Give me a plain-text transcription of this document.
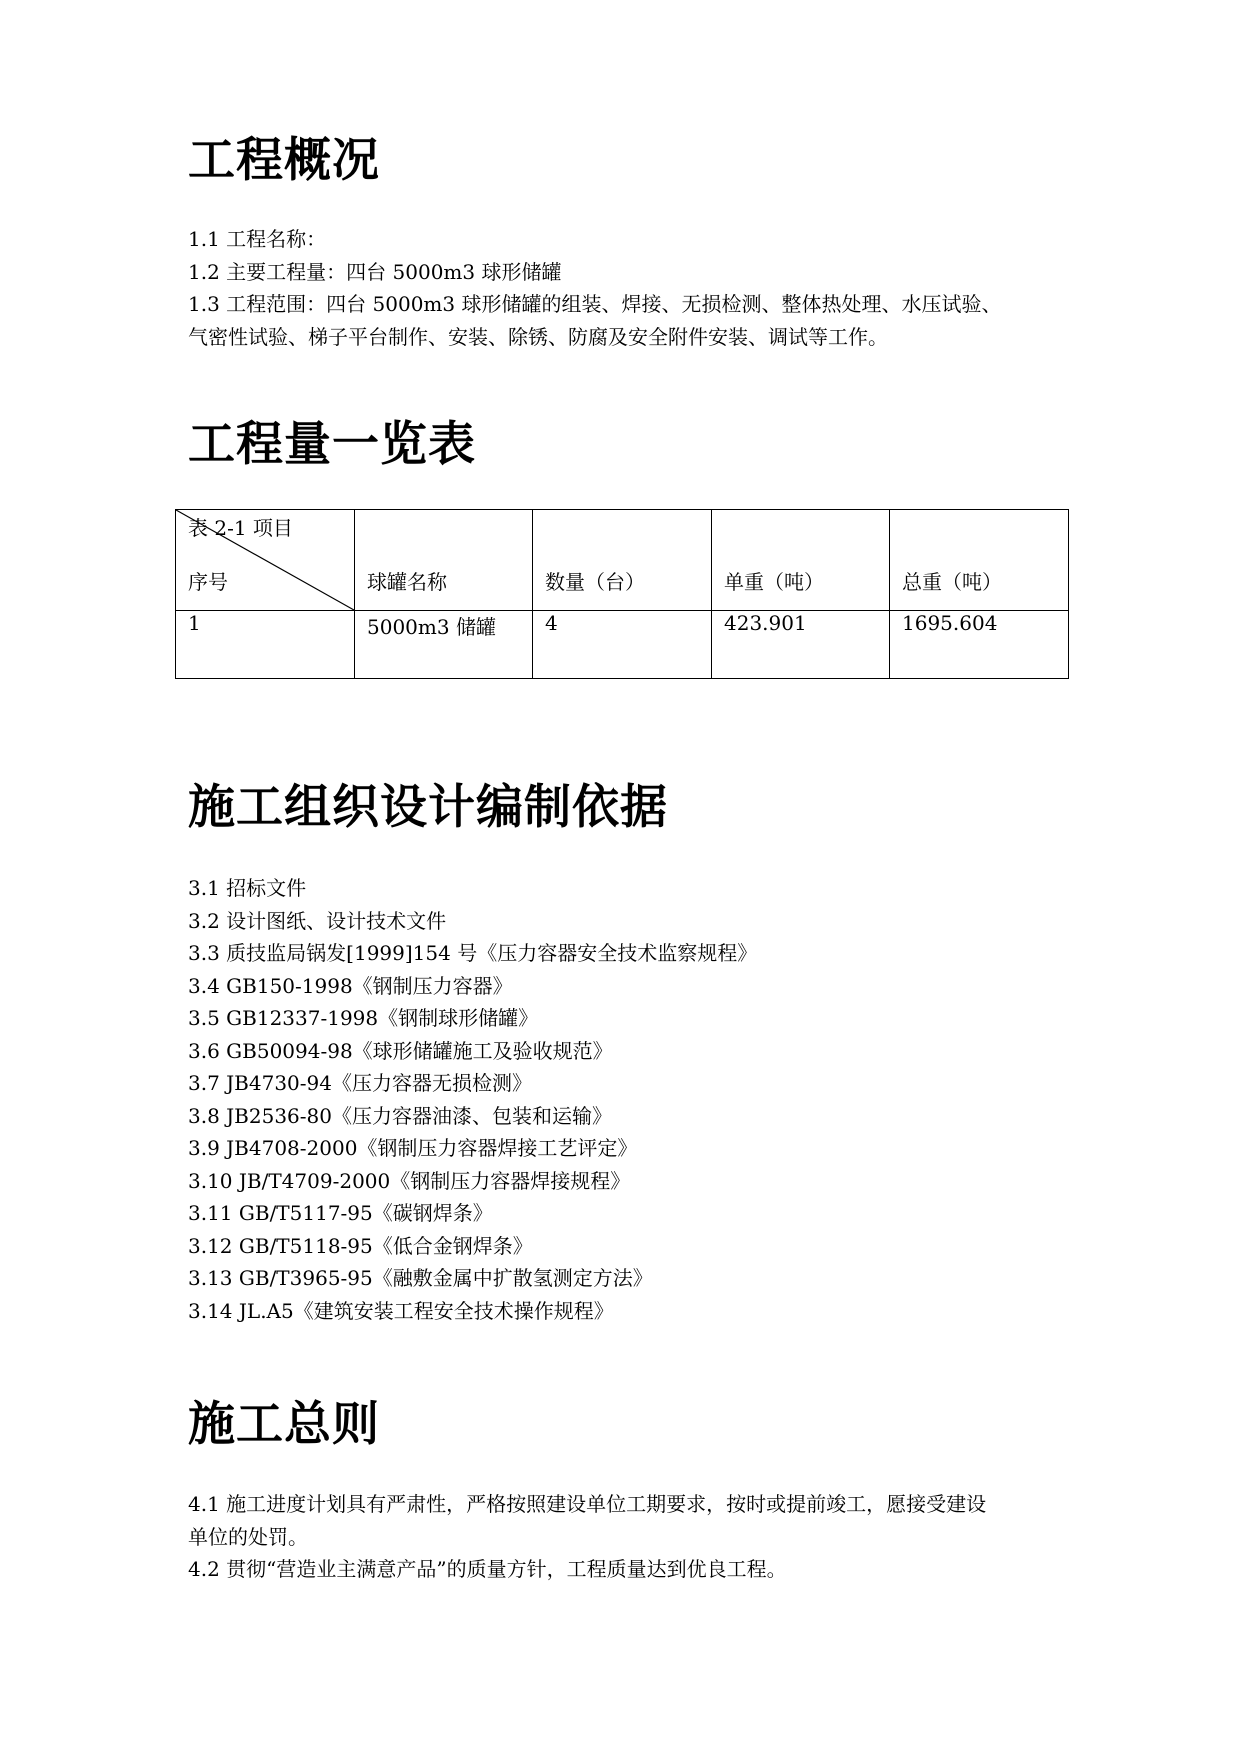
工程概况
1.1 工程名称：
1.2 主要工程量：四台 5000m3 球形储罐
1.3 工程范围：四台 5000m3 球形储罐的组装、焊接、无损检测、整体热处理、水压试验、
气密性试验、梯子平台制作、安装、除锈、防腐及安全附件安装、调试等工作。
工程量一览表
表 2-1 项目
序号	球罐名称	数量（台）	单重（吨）	总重（吨）

1	5000m3 储罐	4	423.901	1695.604
施工组织设计编制依据
3.1 招标文件
3.2 设计图纸、设计技术文件
3.3 质技监局锅发[1999]154 号《压力容器安全技术监察规程》
3.4 GB150-1998《钢制压力容器》
3.5 GB12337-1998《钢制球形储罐》
3.6 GB50094-98《球形储罐施工及验收规范》
3.7 JB4730-94《压力容器无损检测》
3.8 JB2536-80《压力容器油漆、包装和运输》
3.9 JB4708-2000《钢制压力容器焊接工艺评定》
3.10 JB/T4709-2000《钢制压力容器焊接规程》
3.11 GB/T5117-95《碳钢焊条》
3.12 GB/T5118-95《低合金钢焊条》
3.13 GB/T3965-95《融敷金属中扩散氢测定方法》
3.14 JL.A5《建筑安装工程安全技术操作规程》
施工总则
4.1 施工进度计划具有严肃性，严格按照建设单位工期要求，按时或提前竣工，愿接受建设
单位的处罚。
4.2 贯彻“营造业主满意产品”的质量方针，工程质量达到优良工程。
